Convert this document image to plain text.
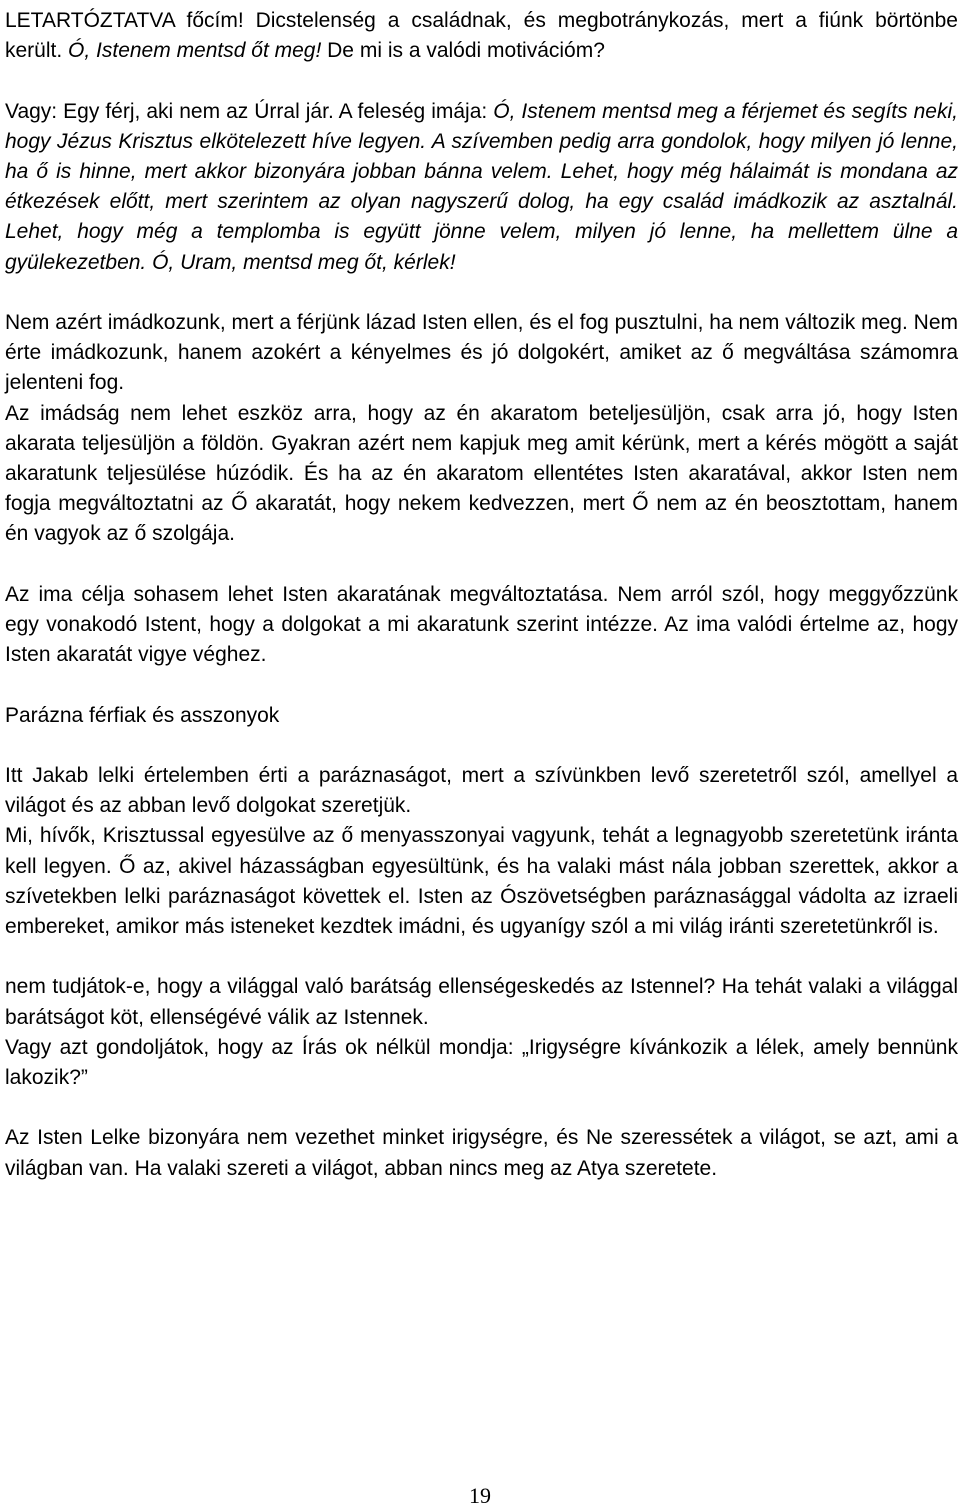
LETARTÓZTATVA főcím! Dicstelenség a családnak, és megbotránykozás, mert a fiúnk börtönbe került. Ó, Istenem mentsd őt meg! De mi is a valódi motivációm?

Vagy: Egy férj, aki nem az Úrral jár. A feleség imája: Ó, Istenem mentsd meg a férjemet és segíts neki, hogy Jézus Krisztus elkötelezett híve legyen. A szívemben pedig arra gondolok, hogy milyen jó lenne, ha ő is hinne, mert akkor bizonyára jobban bánna velem. Lehet, hogy még hálaimát is mondana az étkezések előtt, mert szerintem az olyan nagyszerű dolog, ha egy család imádkozik az asztalnál. Lehet, hogy még a templomba is együtt jönne velem, milyen jó lenne, ha mellettem ülne a gyülekezetben. Ó, Uram, mentsd meg őt, kérlek!

Nem azért imádkozunk, mert a férjünk lázad Isten ellen, és el fog pusztulni, ha nem változik meg. Nem érte imádkozunk, hanem azokért a kényelmes és jó dolgokért, amiket az ő megváltása számomra jelenteni fog.

Az imádság nem lehet eszköz arra, hogy az én akaratom beteljesüljön, csak arra jó, hogy Isten akarata teljesüljön a földön. Gyakran azért nem kapjuk meg amit kérünk, mert a kérés mögött a saját akaratunk teljesülése húzódik. És ha az én akaratom ellentétes Isten akaratával, akkor Isten nem fogja megváltoztatni az Ő akaratát, hogy nekem kedvezzen, mert Ő nem az én beosztottam, hanem én vagyok az ő szolgája.

Az ima célja sohasem lehet Isten akaratának megváltoztatása. Nem arról szól, hogy meggyőzzünk egy vonakodó Istent, hogy a dolgokat a mi akaratunk szerint intézze. Az ima valódi értelme az, hogy Isten akaratát vigye véghez.

Parázna férfiak és asszonyok

Itt Jakab lelki értelemben érti a paráznaságot, mert a szívünkben levő szeretetről szól, amellyel a világot és az abban levő dolgokat szeretjük.

Mi, hívők, Krisztussal egyesülve az ő menyasszonyai vagyunk, tehát a legnagyobb szeretetünk iránta kell legyen. Ő az, akivel házasságban egyesültünk, és ha valaki mást nála jobban szerettek, akkor a szívetekben lelki paráznaságot követtek el. Isten az Ószövetségben paráznasággal vádolta az izraeli embereket, amikor más isteneket kezdtek imádni, és ugyanígy szól a mi világ iránti szeretetünkről is.

nem tudjátok-e, hogy a világgal való barátság ellenségeskedés az Istennel? Ha tehát valaki a világgal barátságot köt, ellenségévé válik az Istennek.

Vagy azt gondoljátok, hogy az Írás ok nélkül mondja: „Irigységre kívánkozik a lélek, amely bennünk lakozik?”

Az Isten Lelke bizonyára nem vezethet minket irigységre, és Ne szeressétek a világot, se azt, ami a világban van. Ha valaki szereti a világot, abban nincs meg az Atya szeretete.

19
